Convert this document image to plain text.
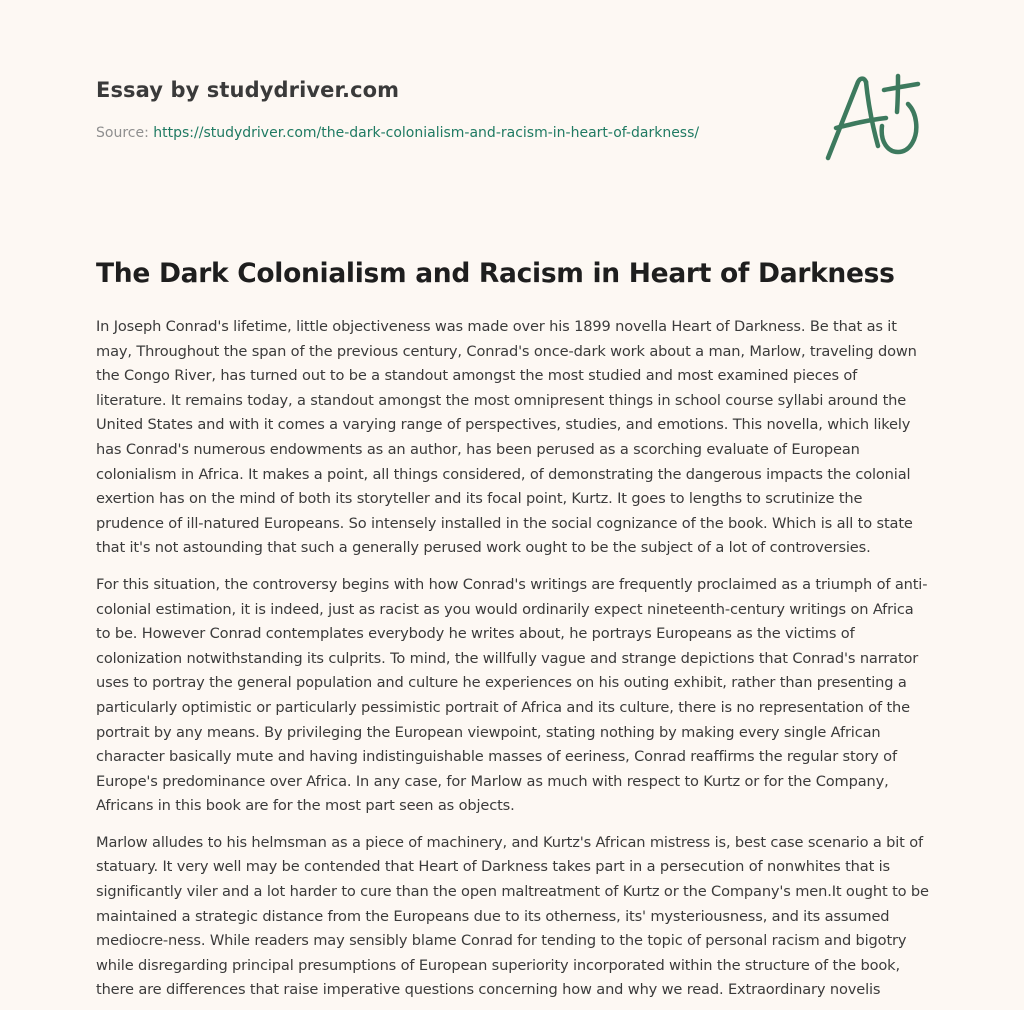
Essay by studydriver.com
Source: https://studydriver.com/the-dark-colonialism-and-racism-in-heart-of-darkness/
The Dark Colonialism and Racism in Heart of Darkness

In Joseph Conrad's lifetime, little objectiveness was made over his 1899 novella Heart of Darkness. Be that as it may, Throughout the span of the previous century, Conrad's once-dark work about a man, Marlow, traveling down the Congo River, has turned out to be a standout amongst the most studied and most examined pieces of literature. It remains today, a standout amongst the most omnipresent things in school course syllabi around the United States and with it comes a varying range of perspectives, studies, and emotions. This novella, which likely has Conrad's numerous endowments as an author, has been perused as a scorching evaluate of European colonialism in Africa. It makes a point, all things considered, of demonstrating the dangerous impacts the colonial exertion has on the mind of both its storyteller and its focal point, Kurtz. It goes to lengths to scrutinize the prudence of ill-natured Europeans. So intensely installed in the social cognizance of the book. Which is all to state that it's not astounding that such a generally perused work ought to be the subject of a lot of controversies.

For this situation, the controversy begins with how Conrad's writings are frequently proclaimed as a triumph of anti-colonial estimation, it is indeed, just as racist as you would ordinarily expect nineteenth-century writings on Africa to be. However Conrad contemplates everybody he writes about, he portrays Europeans as the victims of colonization notwithstanding its culprits. To mind, the willfully vague and strange depictions that Conrad's narrator uses to portray the general population and culture he experiences on his outing exhibit, rather than presenting a particularly optimistic or particularly pessimistic portrait of Africa and its culture, there is no representation of the portrait by any means. By privileging the European viewpoint, stating nothing by making every single African character basically mute and having indistinguishable masses of eeriness, Conrad reaffirms the regular story of Europe's predominance over Africa. In any case, for Marlow as much with respect to Kurtz or for the Company, Africans in this book are for the most part seen as objects.

Marlow alludes to his helmsman as a piece of machinery, and Kurtz's African mistress is, best case scenario a bit of statuary. It very well may be contended that Heart of Darkness takes part in a persecution of nonwhites that is significantly viler and a lot harder to cure than the open maltreatment of Kurtz or the Company's men.It ought to be maintained a strategic distance from the Europeans due to its otherness, its' mysteriousness, and its assumed mediocre-ness. While readers may sensibly blame Conrad for tending to the topic of personal racism and bigotry while disregarding principal presumptions of European superiority incorporated within the structure of the book, there are differences that raise imperative questions concerning how and why we read. Extraordinary novelis
